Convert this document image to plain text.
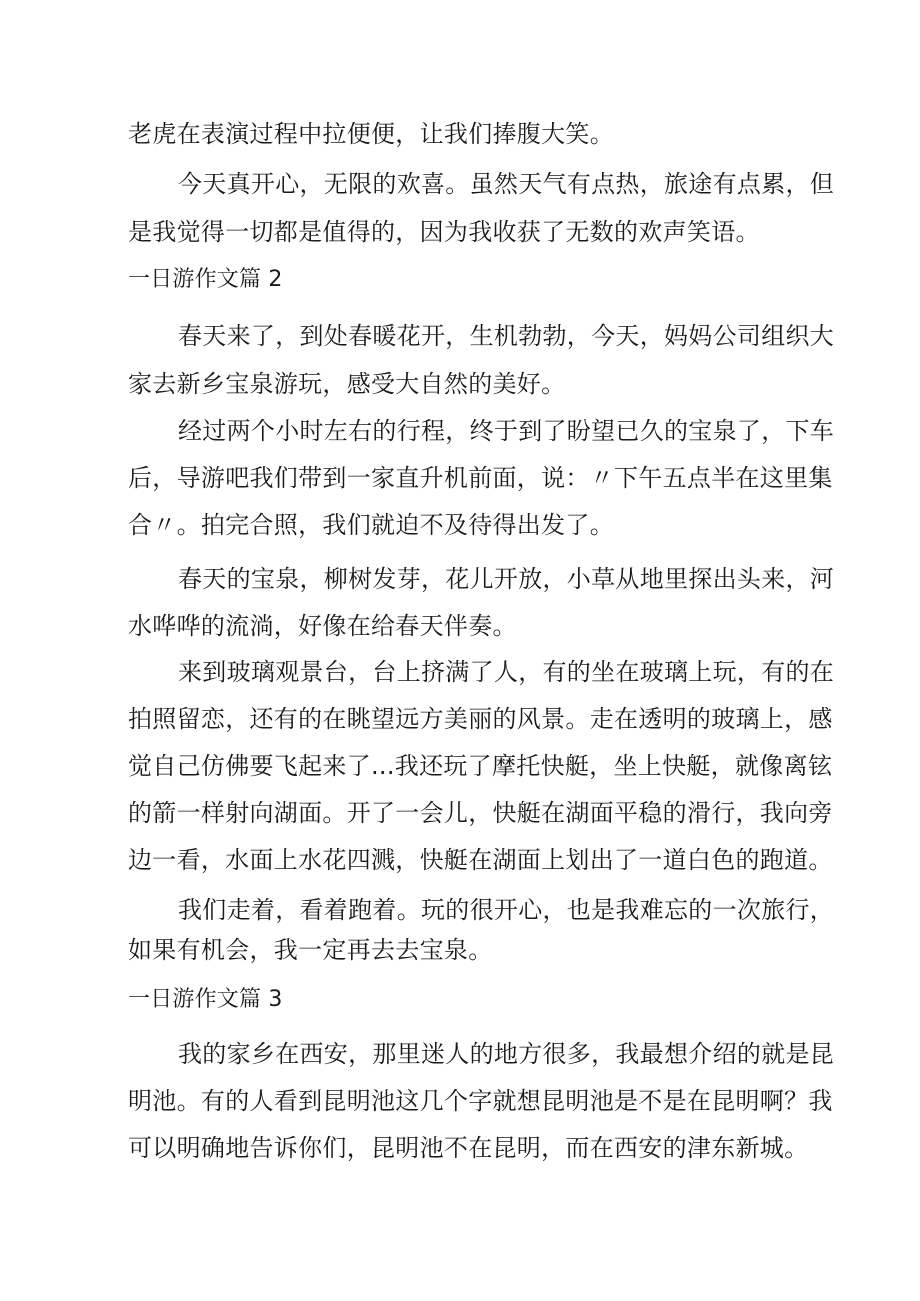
老虎在表演过程中拉便便，让我们捧腹大笑。

今天真开心，无限的欢喜。虽然天气有点热，旅途有点累，但

是我觉得一切都是值得的，因为我收获了无数的欢声笑语。

一日游作文篇 2

春天来了，到处春暖花开，生机勃勃，今天，妈妈公司组织大

家去新乡宝泉游玩，感受大自然的美好。

经过两个小时左右的行程，终于到了盼望已久的宝泉了，下车

后，导游吧我们带到一家直升机前面，说：〃下午五点半在这里集

合〃。拍完合照，我们就迫不及待得出发了。

春天的宝泉，柳树发芽，花儿开放，小草从地里探出头来，河

水哗哗的流淌，好像在给春天伴奏。

来到玻璃观景台，台上挤满了人，有的坐在玻璃上玩，有的在

拍照留恋，还有的在眺望远方美丽的风景。走在透明的玻璃上，感

觉自己仿佛要飞起来了...我还玩了摩托快艇，坐上快艇，就像离铉

的箭一样射向湖面。开了一会儿，快艇在湖面平稳的滑行，我向旁

边一看，水面上水花四溅，快艇在湖面上划出了一道白色的跑道。

我们走着，看着跑着。玩的很开心，也是我难忘的一次旅行，

如果有机会，我一定再去去宝泉。

一日游作文篇 3

我的家乡在西安，那里迷人的地方很多，我最想介绍的就是昆

明池。有的人看到昆明池这几个字就想昆明池是不是在昆明啊？我

可以明确地告诉你们，昆明池不在昆明，而在西安的津东新城。
